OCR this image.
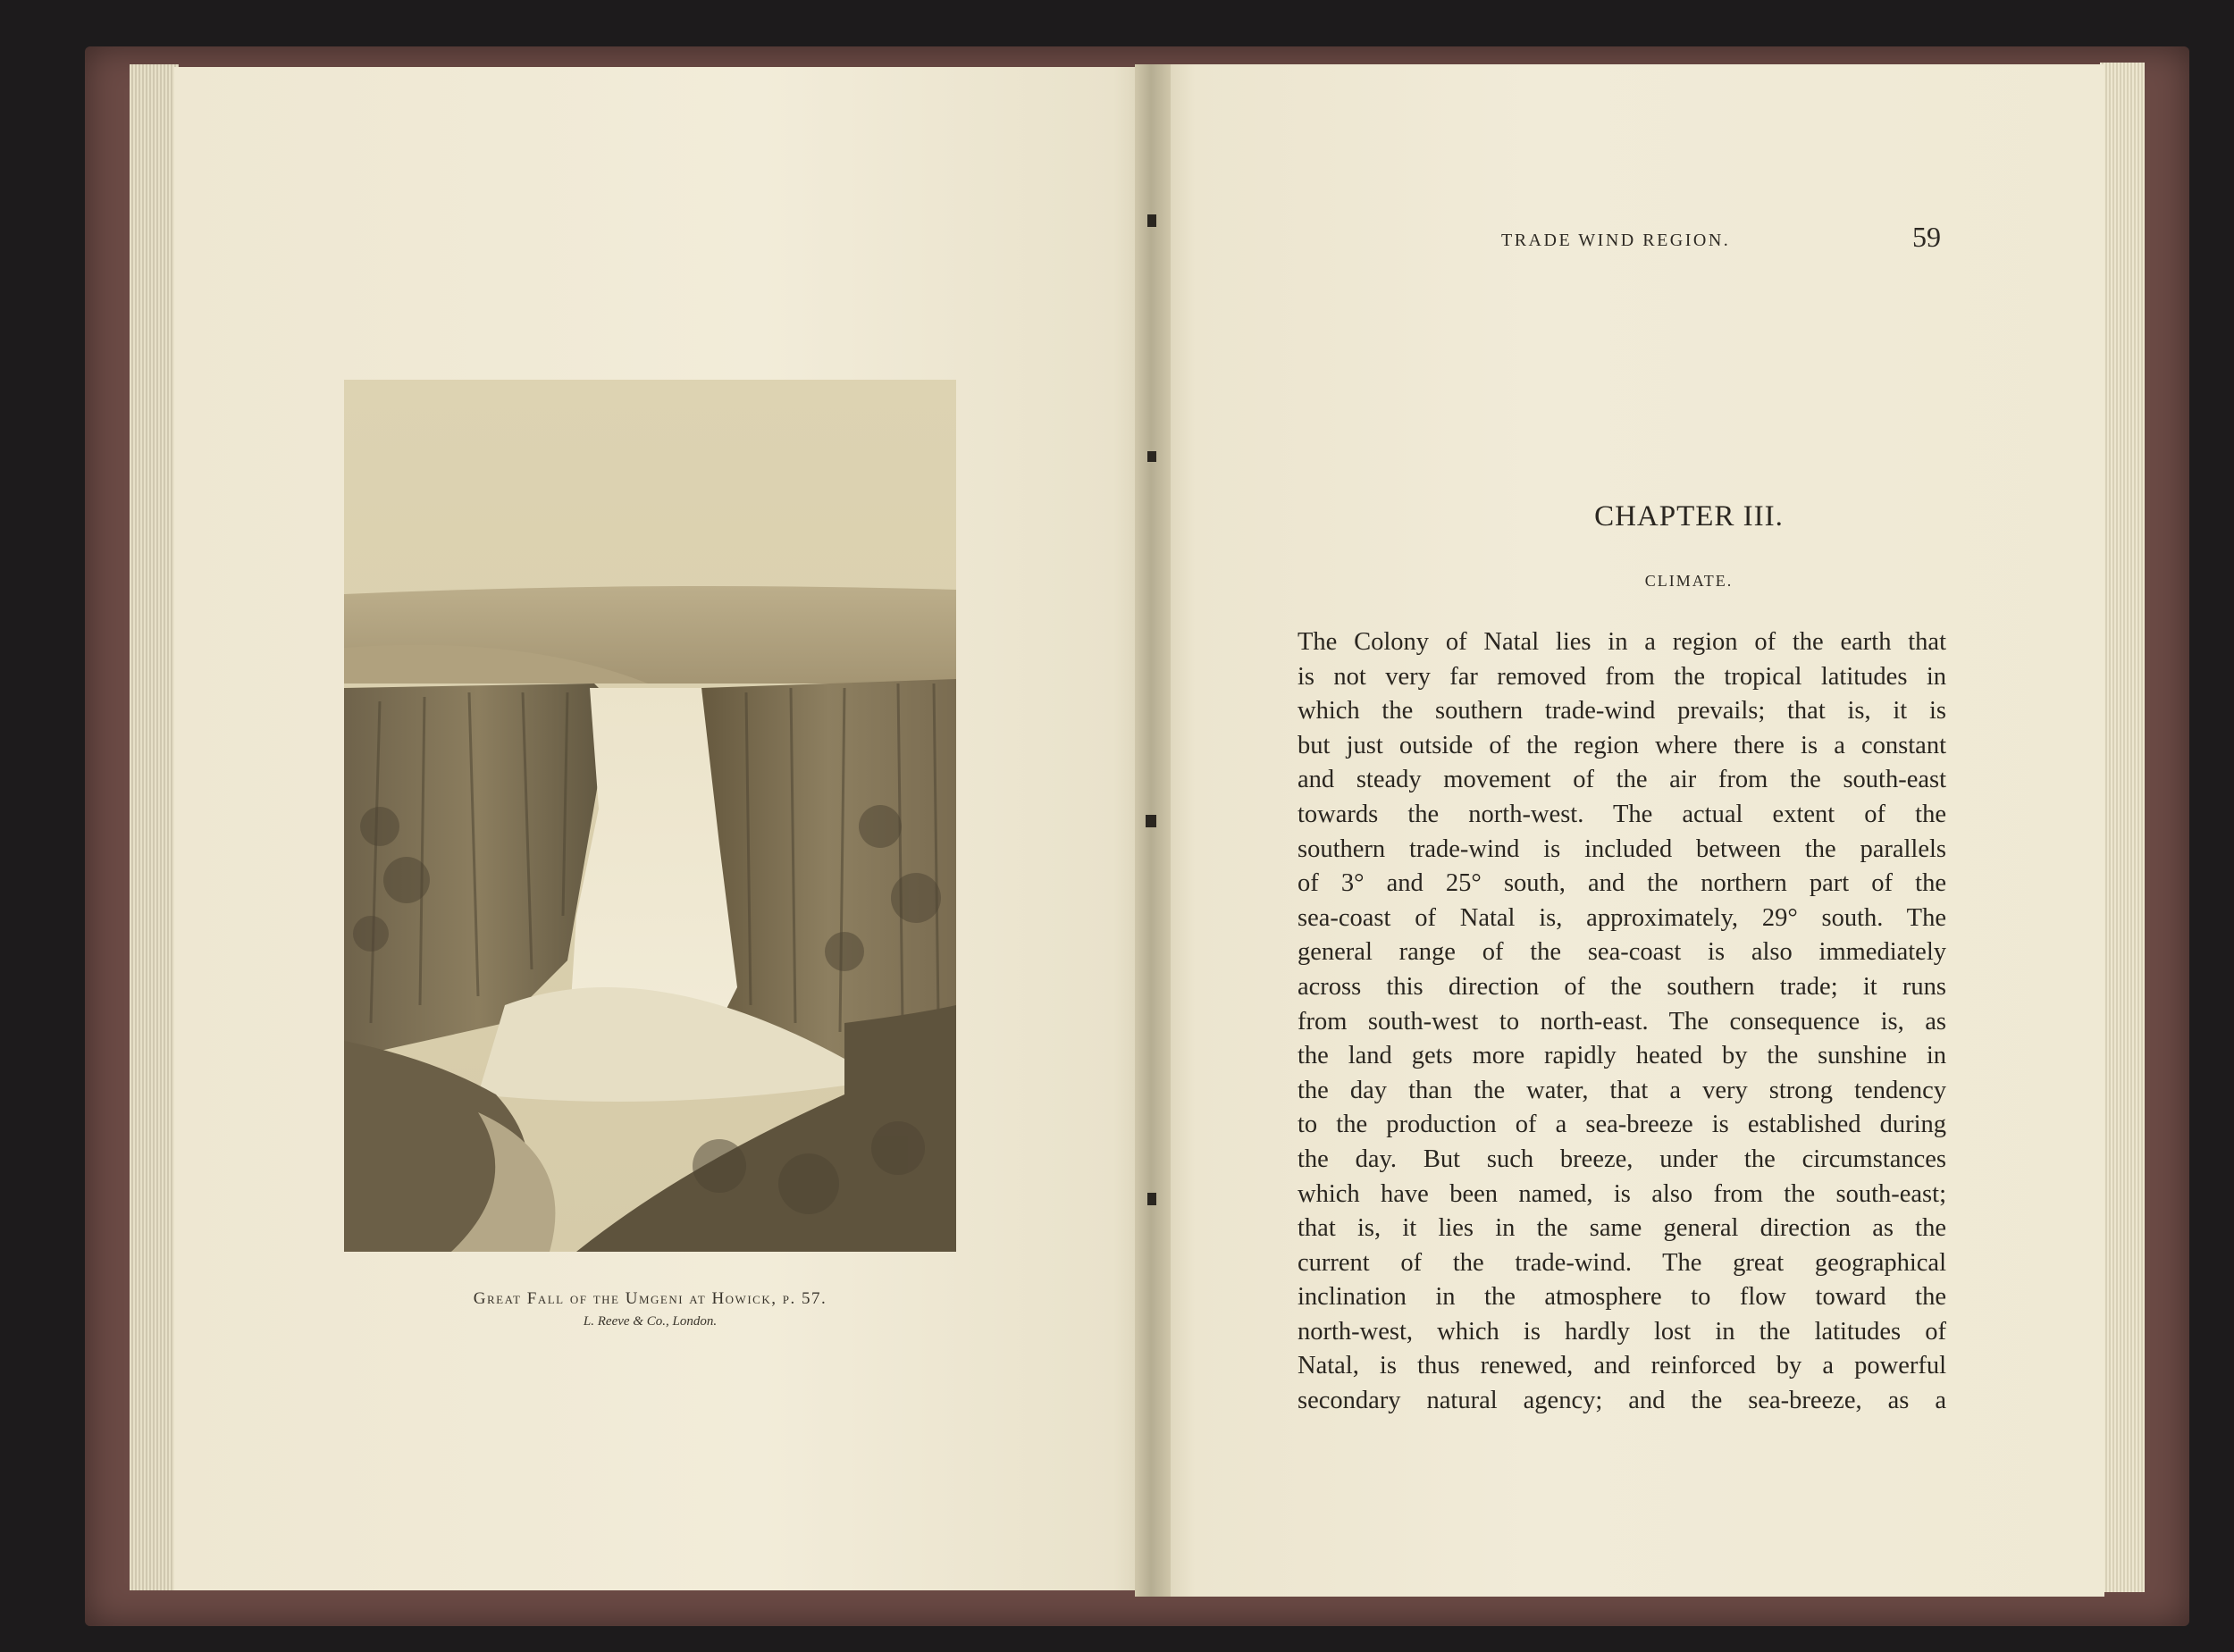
Great Fall of the Umgeni at Howick, p. 57.
L. Reeve & Co., London.
TRADE WIND REGION.	59
CHAPTER III.
CLIMATE.
The Colony of Natal lies in a region of the earth that
is not very far removed from the tropical latitudes in
which the southern trade-wind prevails; that is, it is
but just outside of the region where there is a constant
and steady movement of the air from the south-east
towards the north-west. The actual extent of the
southern trade-wind is included between the parallels
of 3° and 25° south, and the northern part of the
sea-coast of Natal is, approximately, 29° south. The
general range of the sea-coast is also immediately
across this direction of the southern trade; it runs
from south-west to north-east. The consequence is, as
the land gets more rapidly heated by the sunshine in
the day than the water, that a very strong tendency
to the production of a sea-breeze is established during
the day. But such breeze, under the circumstances
which have been named, is also from the south-east;
that is, it lies in the same general direction as the
current of the trade-wind. The great geographical
inclination in the atmosphere to flow toward the
north-west, which is hardly lost in the latitudes of
Natal, is thus renewed, and reinforced by a powerful
secondary natural agency; and the sea-breeze, as a
